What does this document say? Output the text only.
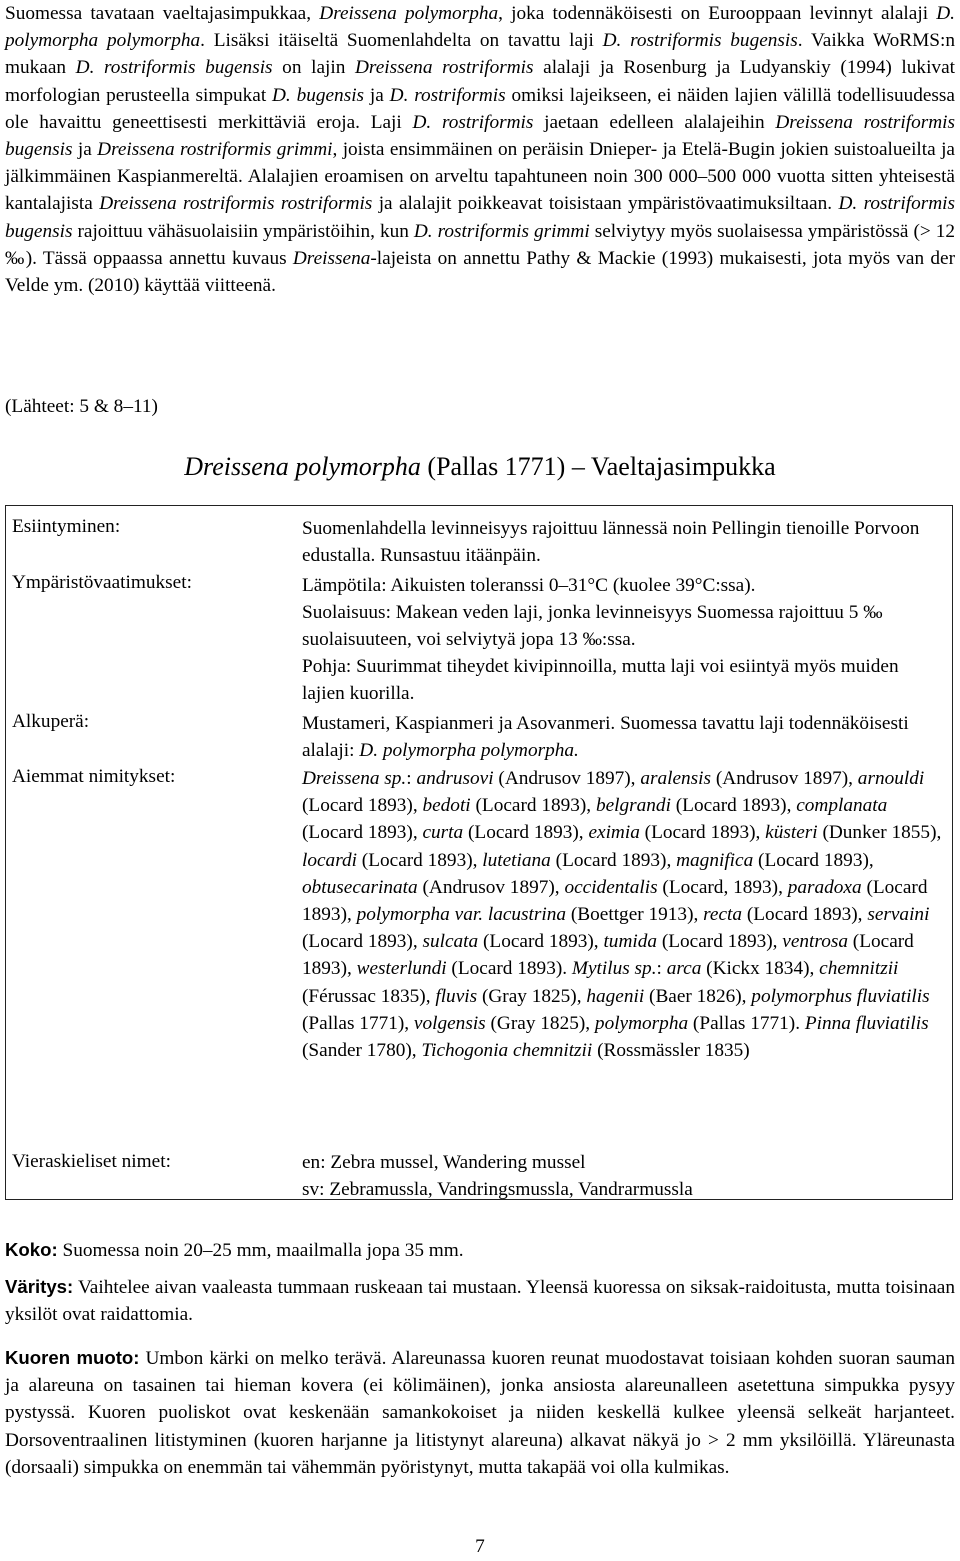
Suomessa tavataan vaeltajasimpukkaa, Dreissena polymorpha, joka todennäköisesti on Eurooppaan levinnyt alalaji D. polymorpha polymorpha. Lisäksi itäiseltä Suomenlahdelta on tavattu laji D. rostriformis bugensis. Vaikka WoRMS:n mukaan D. rostriformis bugensis on lajin Dreissena rostriformis alalaji ja Rosenburg ja Ludyanskiy (1994) lukivat morfologian perusteella simpukat D. bugensis ja D. rostriformis omiksi lajeikseen, ei näiden lajien välillä todellisuudessa ole havaittu geneettisesti merkittäviä eroja. Laji D. rostriformis jaetaan edelleen alalajeihin Dreissena rostriformis bugensis ja Dreissena rostriformis grimmi, joista ensimmäinen on peräisin Dnieper- ja Etelä-Bugin jokien suistoalueilta ja jälkimmäinen Kaspianmereltä. Alalajien eroamisen on arveltu tapahtuneen noin 300 000–500 000 vuotta sitten yhteisestä kantalajista Dreissena rostriformis rostriformis ja alalajit poikkeavat toisistaan ympäristövaatimuksiltaan. D. rostriformis bugensis rajoittuu vähäsuolaisiin ympäristöihin, kun D. rostriformis grimmi selviytyy myös suolaisessa ympäristössä (> 12 ‰). Tässä oppaassa annettu kuvaus Dreissena-lajeista on annettu Pathy & Mackie (1993) mukaisesti, jota myös van der Velde ym. (2010) käyttää viitteenä.

(Lähteet: 5 & 8–11)

Dreissena polymorpha (Pallas 1771) – Vaeltajasimpukka
Esiintyminen:	Suomenlahdella levinneisyys rajoittuu lännessä noin Pellingin tienoille Porvoon edustalla. Runsastuu itäänpäin.
Ympäristövaatimukset:	Lämpötila: Aikuisten toleranssi 0–31°C (kuolee 39°C:ssa).
Suolaisuus: Makean veden laji, jonka levinneisyys Suomessa rajoittuu 5 ‰ suolaisuuteen, voi selviytyä jopa 13 ‰:ssa.
Pohja: Suurimmat tiheydet kivipinnoilla, mutta laji voi esiintyä myös muiden lajien kuorilla.
Alkuperä:	Mustameri, Kaspianmeri ja Asovanmeri. Suomessa tavattu laji todennäköisesti alalaji: D. polymorpha polymorpha.
Aiemmat nimitykset:	Dreissena sp.: andrusovi (Andrusov 1897), aralensis (Andrusov 1897), arnouldi (Locard 1893), bedoti (Locard 1893), belgrandi (Locard 1893), complanata (Locard 1893), curta (Locard 1893), eximia (Locard 1893), küsteri (Dunker 1855), locardi (Locard 1893), lutetiana (Locard 1893), magnifica (Locard 1893), obtusecarinata (Andrusov 1897), occidentalis (Locard, 1893), paradoxa (Locard 1893), polymorpha var. lacustrina (Boettger 1913), recta (Locard 1893), servaini (Locard 1893), sulcata (Locard 1893), tumida (Locard 1893), ventrosa (Locard 1893), westerlundi (Locard 1893). Mytilus sp.: arca (Kickx 1834), chemnitzii (Férussac 1835), fluvis (Gray 1825), hagenii (Baer 1826), polymorphus fluviatilis (Pallas 1771), volgensis (Gray 1825), polymorpha (Pallas 1771). Pinna fluviatilis (Sander 1780), Tichogonia chemnitzii (Rossmässler 1835)
Vieraskieliset nimet:	en: Zebra mussel, Wandering mussel
sv: Zebramussla, Vandringsmussla, Vandrarmussla

Koko: Suomessa noin 20–25 mm, maailmalla jopa 35 mm.

Väritys: Vaihtelee aivan vaaleasta tummaan ruskeaan tai mustaan. Yleensä kuoressa on siksak-raidoitusta, mutta toisinaan yksilöt ovat raidattomia.

Kuoren muoto: Umbon kärki on melko terävä. Alareunassa kuoren reunat muodostavat toisiaan kohden suoran sauman ja alareuna on tasainen tai hieman kovera (ei kölimäinen), jonka ansiosta alareunalleen asetettuna simpukka pysyy pystyssä. Kuoren puoliskot ovat keskenään samankokoiset ja niiden keskellä kulkee yleensä selkeät harjanteet. Dorsoventraalinen litistyminen (kuoren harjanne ja litistynyt alareuna) alkavat näkyä jo > 2 mm yksilöillä. Yläreunasta (dorsaali) simpukka on enemmän tai vähemmän pyöristynyt, mutta takapää voi olla kulmikas.

7
